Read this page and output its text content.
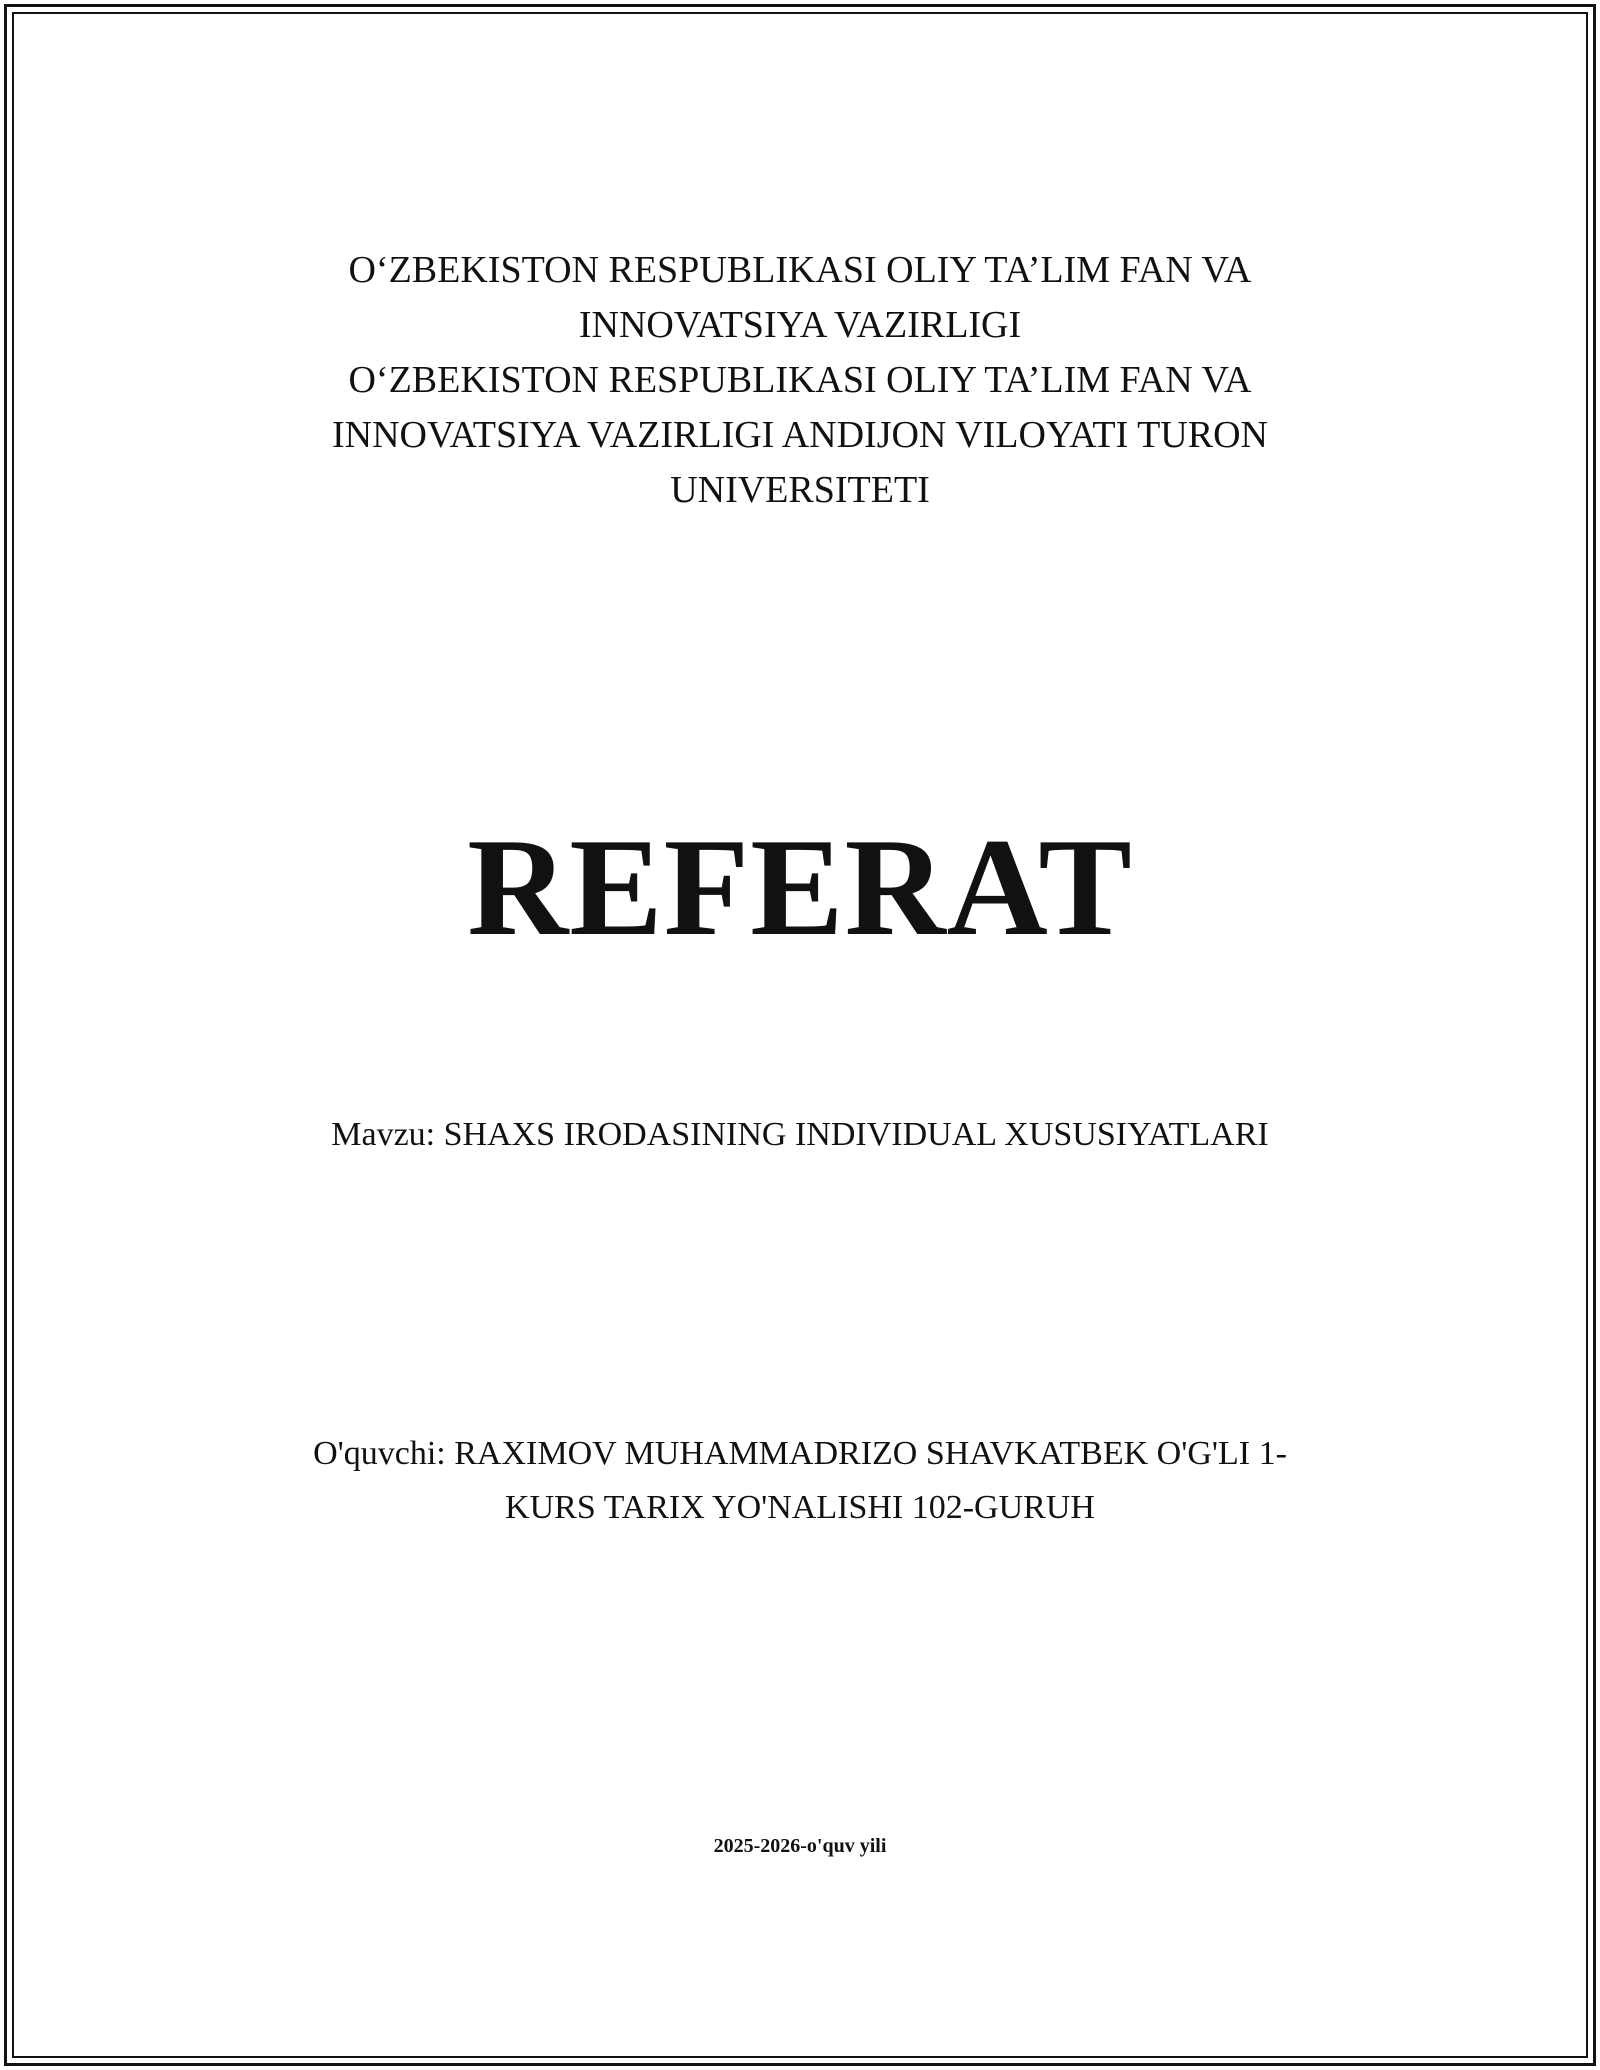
O‘ZBEKISTON RESPUBLIKASI OLIY TA’LIM FAN VA
INNOVATSIYA VAZIRLIGI
O‘ZBEKISTON RESPUBLIKASI OLIY TA’LIM FAN VA
INNOVATSIYA VAZIRLIGI ANDIJON VILOYATI TURON
UNIVERSITETI
REFERAT
Mavzu: SHAXS IRODASINING INDIVIDUAL XUSUSIYATLARI
O'quvchi: RAXIMOV MUHAMMADRIZO SHAVKATBEK O'G'LI 1-
KURS TARIX YO'NALISHI 102-GURUH
2025-2026-o'quv yili
